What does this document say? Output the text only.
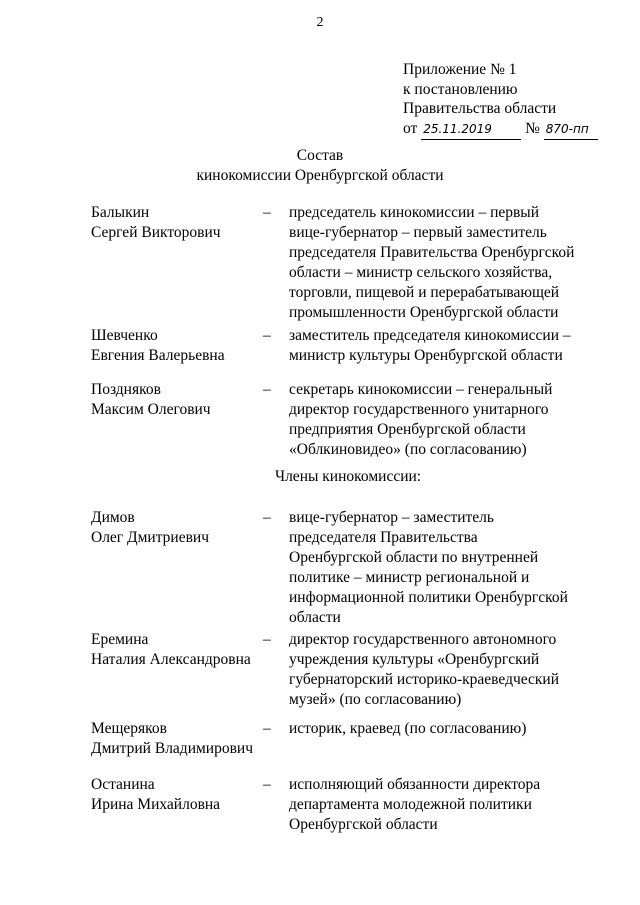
2
Приложение № 1
к постановлению
Правительства области
от 25.11.2019 № 870-пп
Состав
кинокомиссии Оренбургской области
Балыкин
Сергей Викторович
– председатель кинокомиссии – первый
вице-губернатор – первый заместитель
председателя Правительства Оренбургской
области – министр сельского хозяйства,
торговли, пищевой и перерабатывающей
промышленности Оренбургской области
Шевченко
Евгения Валерьевна
– заместитель председателя кинокомиссии –
министр культуры Оренбургской области
Поздняков
Максим Олегович
– секретарь кинокомиссии – генеральный
директор государственного унитарного
предприятия Оренбургской области
«Облкиновидео» (по согласованию)
Члены кинокомиссии:
Димов
Олег Дмитриевич
– вице-губернатор – заместитель
председателя Правительства
Оренбургской области по внутренней
политике – министр региональной и
информационной политики Оренбургской
области
Еремина
Наталия Александровна
– директор государственного автономного
учреждения культуры «Оренбургский
губернаторский историко-краеведческий
музей» (по согласованию)
Мещеряков
Дмитрий Владимирович
– историк, краевед (по согласованию)
Останина
Ирина Михайловна
– исполняющий обязанности директора
департамента молодежной политики
Оренбургской области
